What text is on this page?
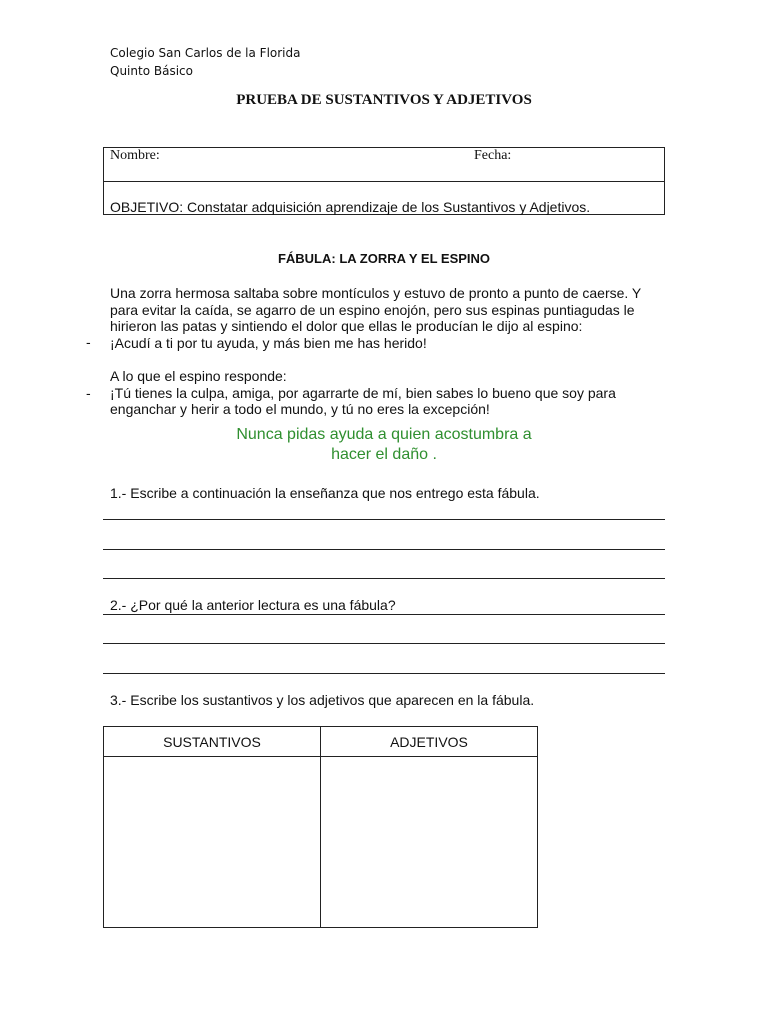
Colegio San Carlos de la Florida
Quinto Básico
PRUEBA DE SUSTANTIVOS Y ADJETIVOS
Nombre:	Fecha:
OBJETIVO: Constatar adquisición aprendizaje de los Sustantivos y Adjetivos.
FÁBULA: LA ZORRA Y EL ESPINO
Una zorra hermosa saltaba sobre montículos y estuvo de pronto a punto de caerse. Y
para evitar la caída, se agarro de un espino enojón, pero sus espinas puntiagudas le
hirieron las patas y sintiendo el dolor que ellas le producían le dijo al espino:
¡Acudí a ti por tu ayuda, y más bien me has herido!
-
A lo que el espino responde:
¡Tú tienes la culpa, amiga, por agarrarte de mí, bien sabes lo bueno que soy para
enganchar y herir a todo el mundo, y tú no eres la excepción!
-
Nunca pidas ayuda a quien acostumbra a
hacer el daño .
1.- Escribe a continuación la enseñanza que nos entrego esta fábula.
2.- ¿Por qué la anterior lectura es una fábula?
3.- Escribe los sustantivos y los adjetivos que aparecen en la fábula.
SUSTANTIVOS	ADJETIVOS
